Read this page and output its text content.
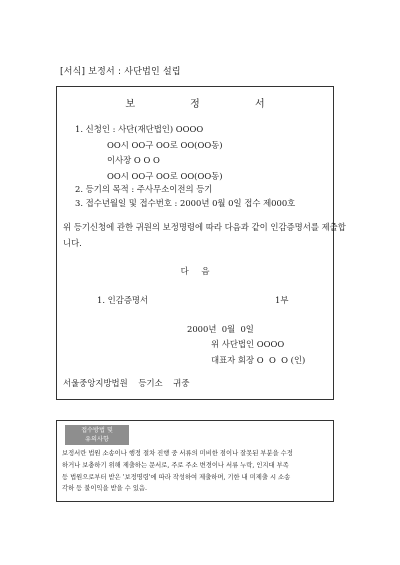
[서식] 보정서 : 사단법인 설립
보 정 서
1. 신청인 : 사단(재단법인) OOOO
OO시 OO구 OO로 OO(OO동)
이사장 O O O
OO시 OO구 OO로 OO(OO동)
2. 등기의 목적 : 주사무소이전의 등기
3. 접수년월일 및 접수번호 : 2000년 0월 0일 접수 제000호
위 등기신청에 관한 귀원의 보정명령에 따라 다음과 같이 인감증명서를 제출합
니다.
다 음
1. 인감증명서	1부
2000년  0월  0일
위 사단법인 OOOO
대표자 회장 O  O  O (인)
서울중앙지방법원    등기소    귀중
접수방법 및
유의사항
보정서란 법원 소송이나 행정 절차 진행 중 서류의 미비한 점이나 잘못된 부분을 수정
하거나 보충하기 위해 제출하는 문서로, 주로 주소 변경이나 서류 누락, 인지대 부족
등 법원으로부터 받은 '보정명령'에 따라 작성하여 제출하며, 기한 내 미제출 시 소송
각하 등 불이익을 받을 수 있음.
